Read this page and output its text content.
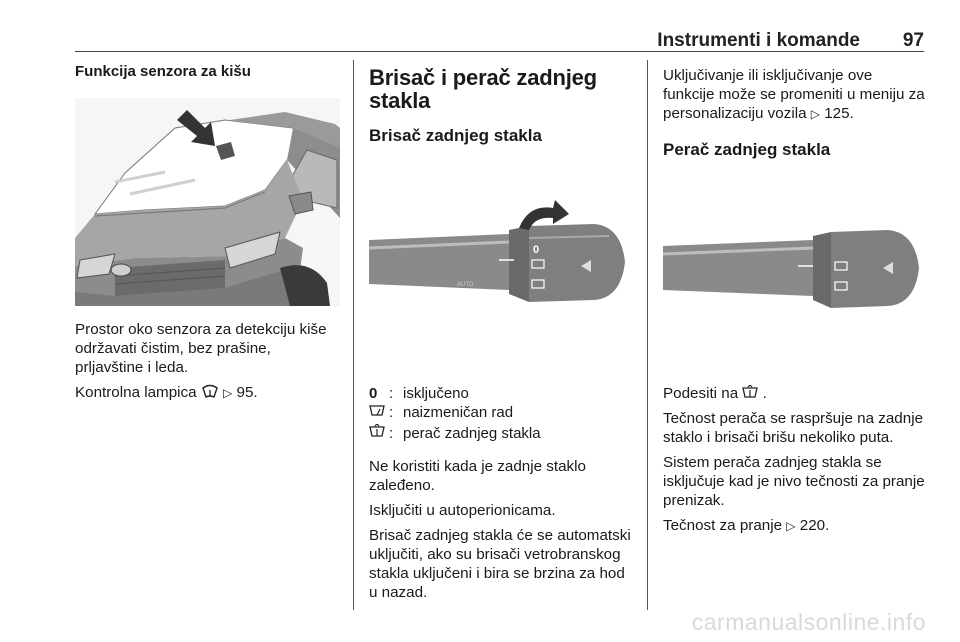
Instrumenti i komande 97
Funkcija senzora za kišu

Prostor oko senzora za detekciju kiše održavati čistim, bez prašine, prljavštine i leda.

Kontrolna lampica ▷ 95.

Brisač i perač zadnjeg stakla
Brisač zadnjeg stakla
0
AUTO
0 : isključeno
: naizmeničan rad
: perač zadnjeg stakla

Ne koristiti kada je zadnje staklo zaleđeno.

Isključiti u autoperionicama.

Brisač zadnjeg stakla će se automatski uključiti, ako su brisači vetrobranskog stakla uključeni i bira se brzina za hod u nazad.

Uključivanje ili isključivanje ove funkcije može se promeniti u meniju za personalizaciju vozila ▷ 125.

Perač zadnjeg stakla

Podesiti na .

Tečnost perača se raspršuje na zadnje staklo i brisači brišu nekoliko puta.

Sistem perača zadnjeg stakla se isključuje kad je nivo tečnosti za pranje prenizak.

Tečnost za pranje ▷ 220.

carmanualsonline.info
